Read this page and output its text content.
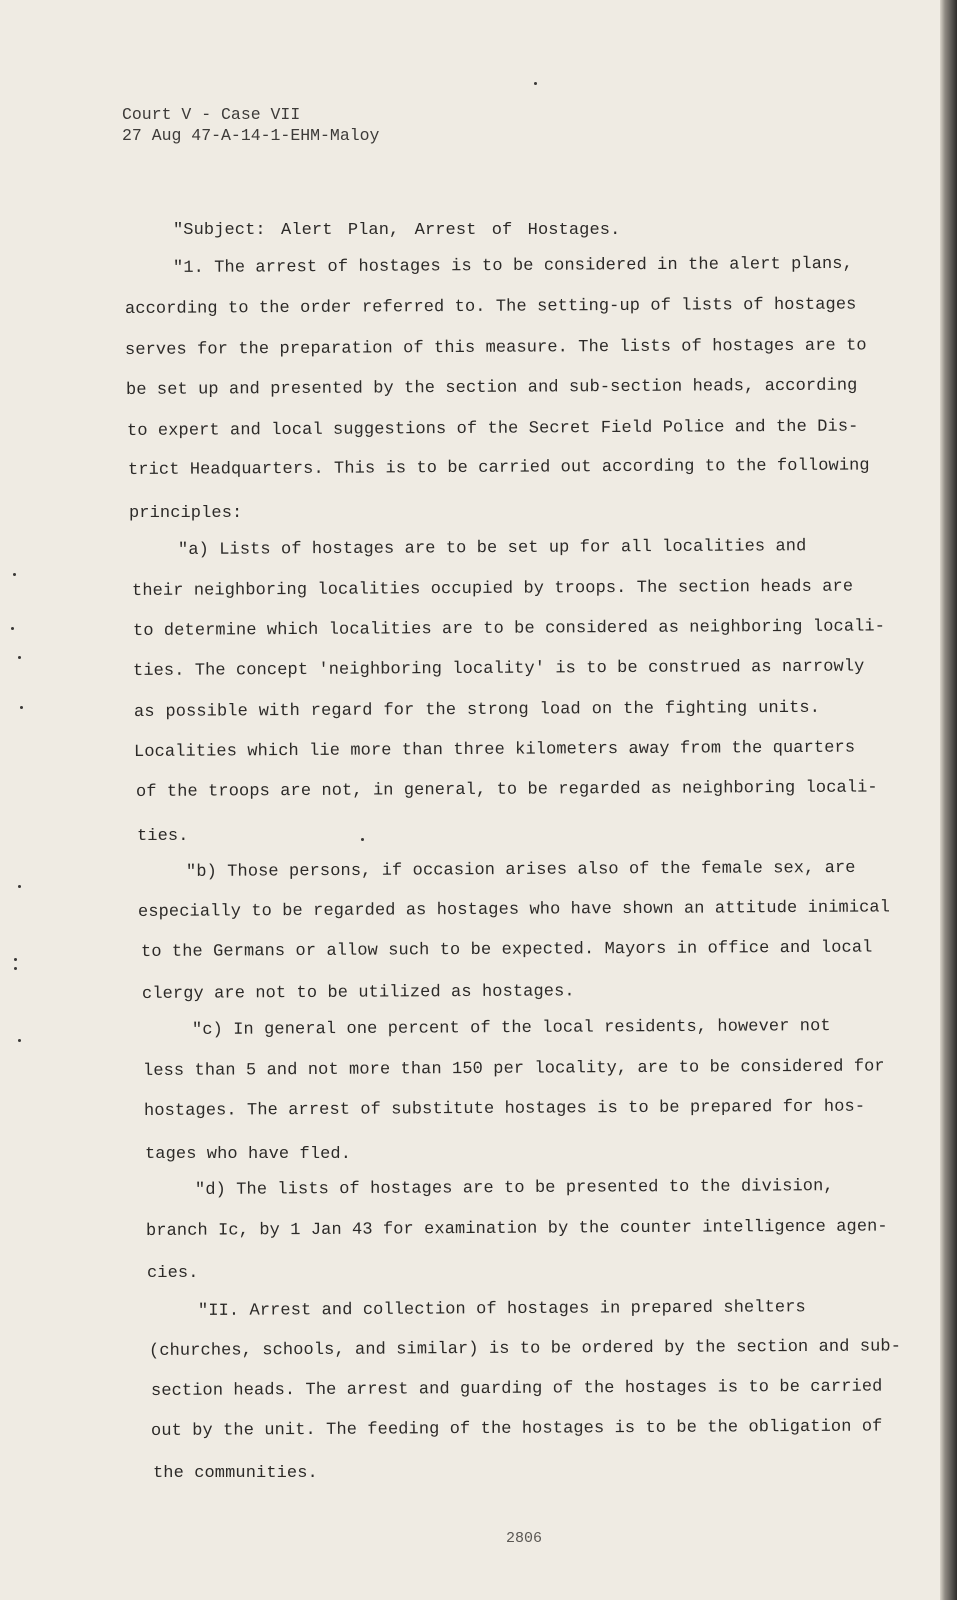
Court V - Case VII
27 Aug 47-A-14-1-EHM-Maloy
"Subject: Alert Plan, Arrest of Hostages.
"1. The arrest of hostages is to be considered in the alert plans,
according to the order referred to. The setting-up of lists of hostages
serves for the preparation of this measure. The lists of hostages are to
be set up and presented by the section and sub-section heads, according
to expert and local suggestions of the Secret Field Police and the Dis-
trict Headquarters. This is to be carried out according to the following
principles:
"a) Lists of hostages are to be set up for all localities and
their neighboring localities occupied by troops. The section heads are
to determine which localities are to be considered as neighboring locali-
ties. The concept 'neighboring locality' is to be construed as narrowly
as possible with regard for the strong load on the fighting units.
Localities which lie more than three kilometers away from the quarters
of the troops are not, in general, to be regarded as neighboring locali-
ties.
"b) Those persons, if occasion arises also of the female sex, are
especially to be regarded as hostages who have shown an attitude inimical
to the Germans or allow such to be expected. Mayors in office and local
clergy are not to be utilized as hostages.
"c) In general one percent of the local residents, however not
less than 5 and not more than 150 per locality, are to be considered for
hostages. The arrest of substitute hostages is to be prepared for hos-
tages who have fled.
"d) The lists of hostages are to be presented to the division,
branch Ic, by 1 Jan 43 for examination by the counter intelligence agen-
cies.
"II. Arrest and collection of hostages in prepared shelters
(churches, schools, and similar) is to be ordered by the section and sub-
section heads. The arrest and guarding of the hostages is to be carried
out by the unit. The feeding of the hostages is to be the obligation of
the communities.
2806
